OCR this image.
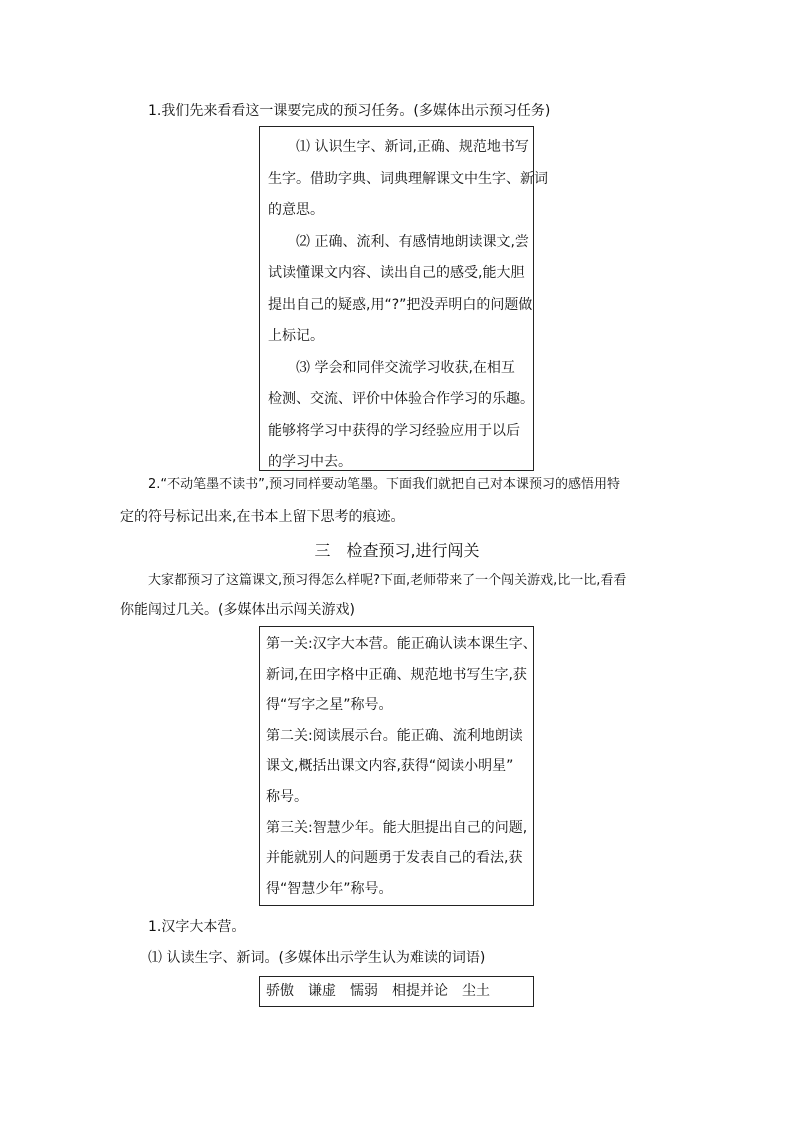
1.我们先来看看这一课要完成的预习任务。(多媒体出示预习任务)

⑴ 认识生字、新词,正确、规范地书写

生字。借助字典、词典理解课文中生字、新词

的意思。

⑵ 正确、流利、有感情地朗读课文,尝

试读懂课文内容、读出自己的感受,能大胆

提出自己的疑惑,用“?”把没弄明白的问题做

上标记。

⑶ 学会和同伴交流学习收获,在相互

检测、交流、评价中体验合作学习的乐趣。

能够将学习中获得的学习经验应用于以后

的学习中去。

2.“不动笔墨不读书”,预习同样要动笔墨。下面我们就把自己对本课预习的感悟用特
定的符号标记出来,在书本上留下思考的痕迹。
三　检查预习,进行闯关
大家都预习了这篇课文,预习得怎么样呢?下面,老师带来了一个闯关游戏,比一比,看看
你能闯过几关。(多媒体出示闯关游戏)

第一关:汉字大本营。能正确认读本课生字、

新词,在田字格中正确、规范地书写生字,获

得“写字之星”称号。

第二关:阅读展示台。能正确、流利地朗读

课文,概括出课文内容,获得“阅读小明星”

称号。

第三关:智慧少年。能大胆提出自己的问题,

并能就别人的问题勇于发表自己的看法,获

得“智慧少年”称号。

1.汉字大本营。
⑴ 认读生字、新词。(多媒体出示学生认为难读的词语)

骄傲　谦虚　懦弱　相提并论　尘土
